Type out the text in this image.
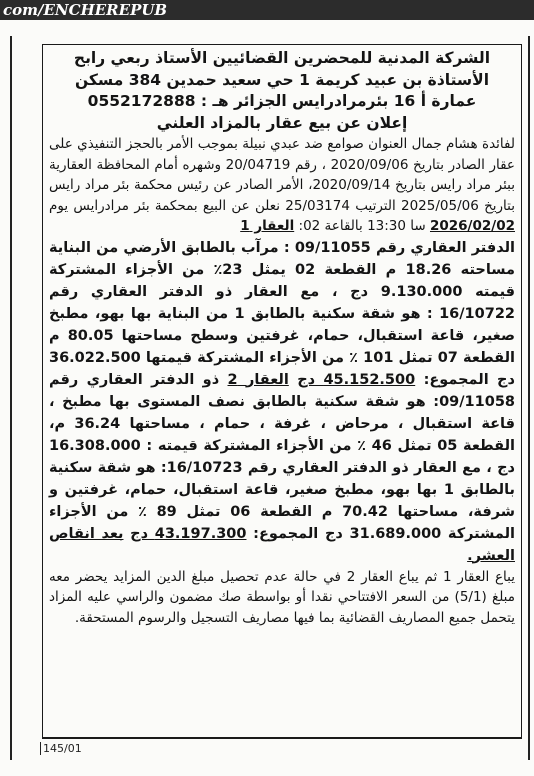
com/ENCHEREPUB
الشركة المدنية للمحضرين القضائيين الأستاذ ربعي رابح
الأستاذة بن عبيد كريمة 1 حي سعيد حمدين 384 مسكن
عمارة أ 16 بئرمرادرايس الجزائر هـ : 0552172888
إعلان عن بيع عقار بالمزاد العلني
لفائدة هشام جمال العنوان صوامع ضد عبدي نبيلة بموجب الأمر بالحجز التنفيذي على عقار الصادر بتاريخ 2020/09/06 ، رقم 20/04719 وشهره أمام المحافظة العقارية ببئر مراد رايس بتاريخ 2020/09/14، الأمر الصادر عن رئيس محكمة بئر مراد رايس بتاريخ 2025/05/06 الترتيب 25/03174 نعلن عن البيع بمحكمة بئر مرادرايس يوم 2026/02/02 سا 13:30 بالقاعة 02: العقار 1
الدفتر العقاري رقم 09/11055 : مرآب بالطابق الأرضي من البناية مساحته 18.26 م القطعة 02 يمثل 23٪ من الأجزاء المشتركة قيمته 9.130.000 دج ، مع العقار ذو الدفتر العقاري رقم 16/10722 : هو شقة سكنية بالطابق 1 من البناية بها بهو، مطبخ صغير، قاعة استقبال، حمام، غرفتين وسطح مساحتها 80.05 م القطعة 07 تمثل 101 ٪ من الأجزاء المشتركة قيمتها 36.022.500 دج المجموع: 45.152.500 دج العقار 2 ذو الدفتر العقاري رقم 09/11058: هو شقة سكنية بالطابق نصف المستوى بها مطبخ ، قاعة استقبال ، مرحاض ، غرفة ، حمام ، مساحتها 36.24 م، القطعة 05 تمثل 46 ٪ من الأجزاء المشتركة قيمته : 16.308.000 دج ، مع العقار ذو الدفتر العقاري رقم 16/10723: هو شقة سكنية بالطابق 1 بها بهو، مطبخ صغير، قاعة استقبال، حمام، غرفتين و شرفة، مساحتها 70.42 م القطعة 06 تمثل 89 ٪ من الأجزاء المشتركة 31.689.000 دج المجموع: 43.197.300 دج بعد انقاص العشر.
يباع العقار 1 ثم يباع العقار 2 في حالة عدم تحصيل مبلغ الدين المزايد يحضر معه مبلغ (5/1) من السعر الافتتاحي نقدا أو بواسطة صك مضمون والراسي عليه المزاد يتحمل جميع المصاريف القضائية بما فيها مصاريف التسجيل والرسوم المستحقة.
145/01
